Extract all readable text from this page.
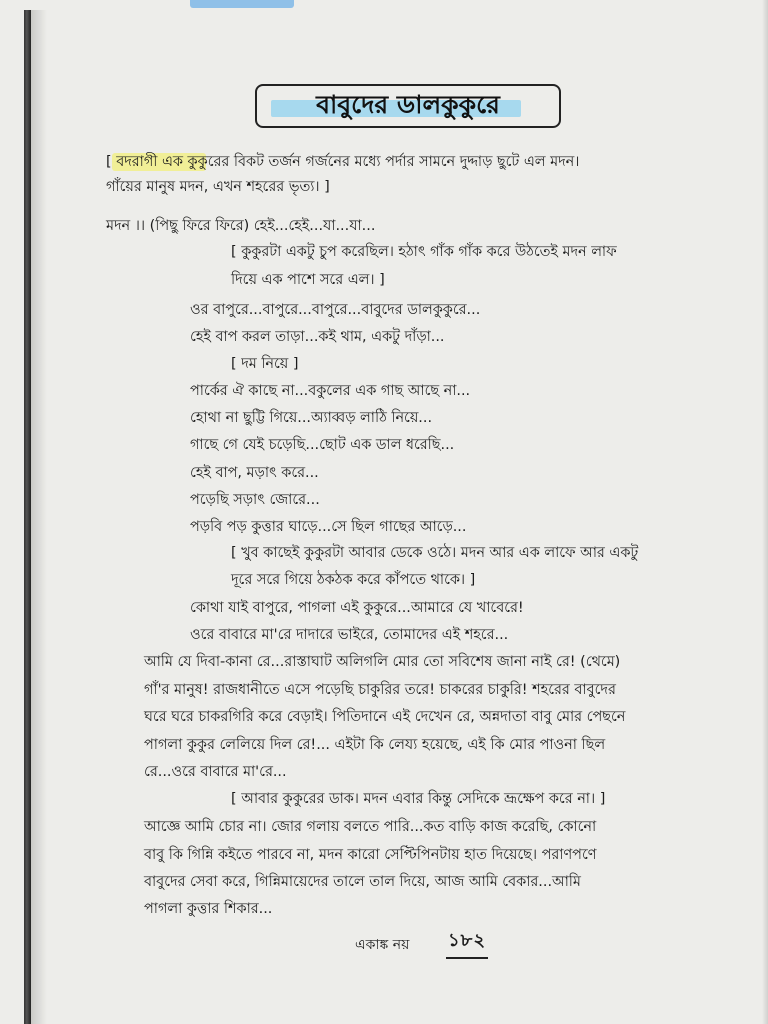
বাবুদের ডালকুকুরে
[ বদরাগী এক কুকুরের বিকট তর্জন গর্জনের মধ্যে পর্দার সামনে দুদ্দাড় ছুটে এল মদন।
গাঁয়ের মানুষ মদন, এখন শহরের ভৃত্য। ]
মদন ।। (পিছু ফিরে ফিরে) হেই...হেই...যা...যা...
[ কুকুরটা একটু চুপ করেছিল। হঠাৎ গাঁক গাঁক করে উঠতেই মদন লাফ
দিয়ে এক পাশে সরে এল। ]
ওর বাপুরে...বাপুরে...বাপুরে...বাবুদের ডালকুকুরে...
হেই বাপ করল তাড়া...কই থাম, একটু দাঁড়া...
[ দম নিয়ে ]
পার্কের ঐ কাছে না...বকুলের এক গাছ আছে না...
হোথা না ছুট্টি গিয়ে...অ্যাব্বড় লাঠি নিয়ে...
গাছে গে যেই চড়েছি...ছোট এক ডাল ধরেছি...
হেই বাপ, মড়াৎ করে...
পড়েছি সড়াৎ জোরে...
পড়বি পড় কুত্তার ঘাড়ে...সে ছিল গাছের আড়ে...
[ খুব কাছেই কুকুরটা আবার ডেকে ওঠে। মদন আর এক লাফে আর একটু
দূরে সরে গিয়ে ঠকঠক করে কাঁপতে থাকে। ]
কোথা যাই বাপুরে, পাগলা এই কুকুরে...আমারে যে খাবেরে!
ওরে বাবারে মা'রে দাদারে ভাইরে, তোমাদের এই শহরে...
আমি যে দিবা-কানা রে...রাস্তাঘাট অলিগলি মোর তো সবিশেষ জানা নাই রে! (থেমে)
গাঁ'র মানুষ! রাজধানীতে এসে পড়েছি চাকুরির তরে! চাকরের চাকুরি! শহরের বাবুদের
ঘরে ঘরে চাকরগিরি করে বেড়াই। পিতিদানে এই দেখেন রে, অন্নদাতা বাবু মোর পেছনে
পাগলা কুকুর লেলিয়ে দিল রে!... এইটা কি লেয্য হয়েছে, এই কি মোর পাওনা ছিল
রে...ওরে বাবারে মা'রে...
[ আবার কুকুরের ডাক। মদন এবার কিন্তু সেদিকে ভ্রূক্ষেপ করে না। ]
আজ্ঞে আমি চোর না। জোর গলায় বলতে পারি...কত বাড়ি কাজ করেছি, কোনো
বাবু কি গিন্নি কইতে পারবে না, মদন কারো সেপ্টিপিনটায় হাত দিয়েছে। পরাণপণে
বাবুদের সেবা করে, গিন্নিমায়েদের তালে তাল দিয়ে, আজ আমি বেকার...আমি
পাগলা কুত্তার শিকার...
একাঙ্ক নয় ১৮২
